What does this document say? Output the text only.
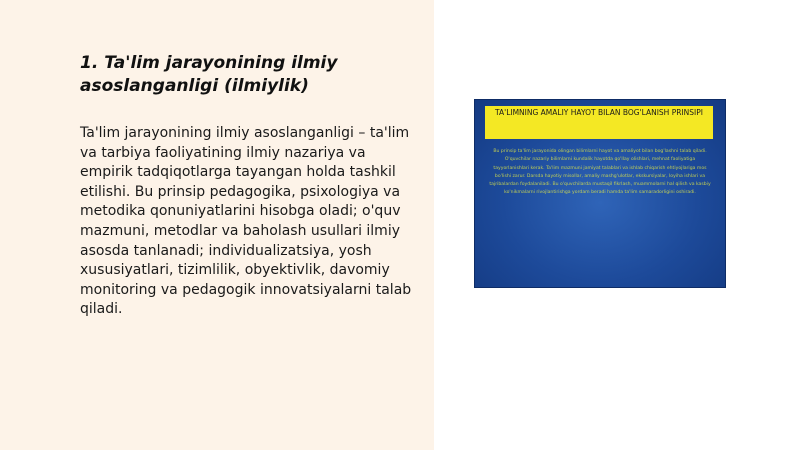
1. Ta'lim jarayonining ilmiy asoslanganligi (ilmiylik)

Ta'lim jarayonining ilmiy asoslanganligi – ta'lim va tarbiya faoliyatining ilmiy nazariya va empirik tadqiqotlarga tayangan holda tashkil etilishi. Bu prinsip pedagogika, psixologiya va metodika qonuniyatlarini hisobga oladi; o'quv mazmuni, metodlar va baholash usullari ilmiy asosda tanlanadi; individualizatsiya, yosh xususiyatlari, tizimlilik, obyektivlik, davomiy monitoring va pedagogik innovatsiyalarni talab qiladi.

TA'LIMNING AMALIY HAYOT BILAN BOG'LANISH PRINSIPI

Bu prinsip ta'lim jarayonida olingan bilimlarni hayot va amaliyot bilan bog'lashni talab qiladi. O'quvchilar nazariy bilimlarni kundalik hayotda qo'llay olishlari, mehnat faoliyatiga tayyorlanishlari kerak. Ta'lim mazmuni jamiyat talablari va ishlab chiqarish ehtiyojlariga mos bo'lishi zarur. Darsda hayotiy misollar, amaliy mashg'ulotlar, ekskursiyalar, loyiha ishlari va tajribalardan foydalaniladi. Bu o'quvchilarda mustaqil fikrlash, muammolarni hal qilish va kasbiy ko'nikmalarni rivojlantirishga yordam beradi hamda ta'lim samaradorligini oshiradi.
